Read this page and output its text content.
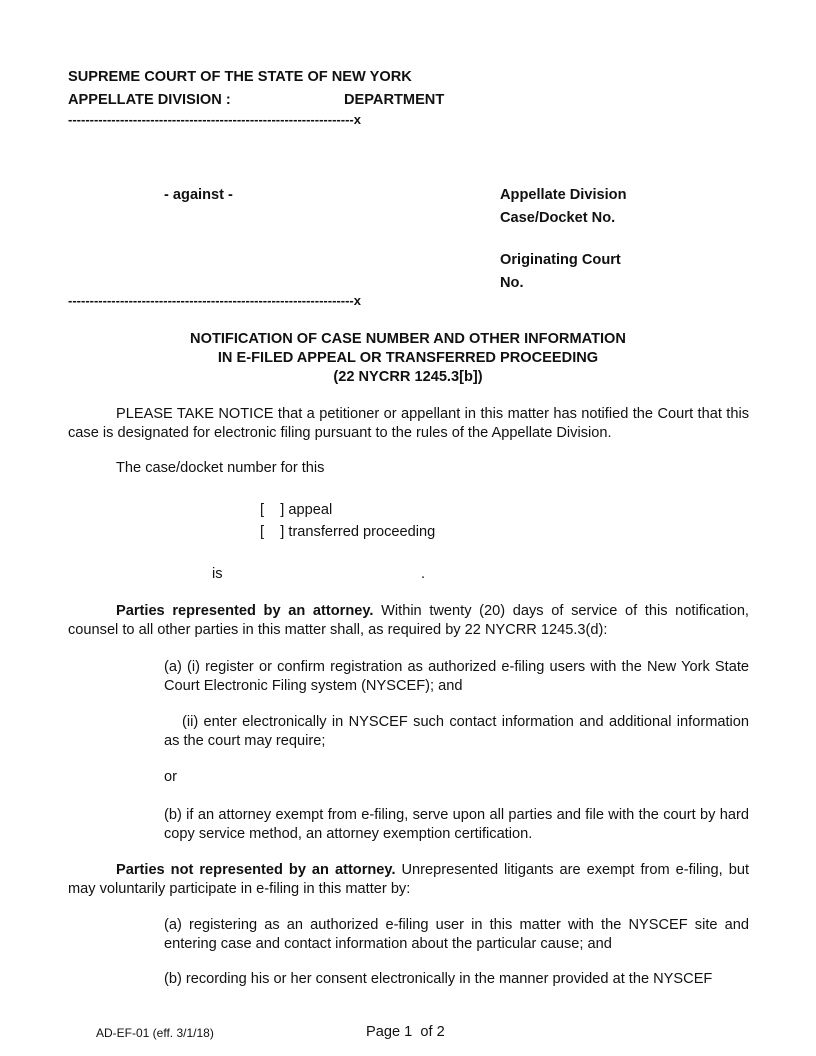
SUPREME COURT OF THE STATE OF NEW YORK
APPELLATE DIVISION :	DEPARTMENT
------------------------------------------------------------------x
- against -	Appellate Division
Case/Docket No.
Originating Court
No.
------------------------------------------------------------------x
NOTIFICATION OF CASE NUMBER AND OTHER INFORMATION
IN E-FILED APPEAL OR TRANSFERRED PROCEEDING
(22 NYCRR 1245.3[b])
PLEASE TAKE NOTICE that a petitioner or appellant in this matter has notified the Court that this case is designated for electronic filing pursuant to the rules of the Appellate Division.
The case/docket number for this
[    ] appeal
[    ] transferred proceeding
is	.
Parties represented by an attorney. Within twenty (20) days of service of this notification, counsel to all other parties in this matter shall, as required by 22 NYCRR 1245.3(d):
(a) (i) register or confirm registration as authorized e-filing users with the New York State Court Electronic Filing system (NYSCEF); and
(ii) enter electronically in NYSCEF such contact information and additional information as the court may require;
or
(b) if an attorney exempt from e-filing, serve upon all parties and file with the court by hard copy service method, an attorney exemption certification.
Parties not represented by an attorney. Unrepresented litigants are exempt from e-filing, but may voluntarily participate in e-filing in this matter by:
(a) registering as an authorized e-filing user in this matter with the NYSCEF site and entering case and contact information about the particular cause; and
(b) recording his or her consent electronically in the manner provided at the NYSCEF
AD-EF-01 (eff. 3/1/18)	Page 1  of 2
